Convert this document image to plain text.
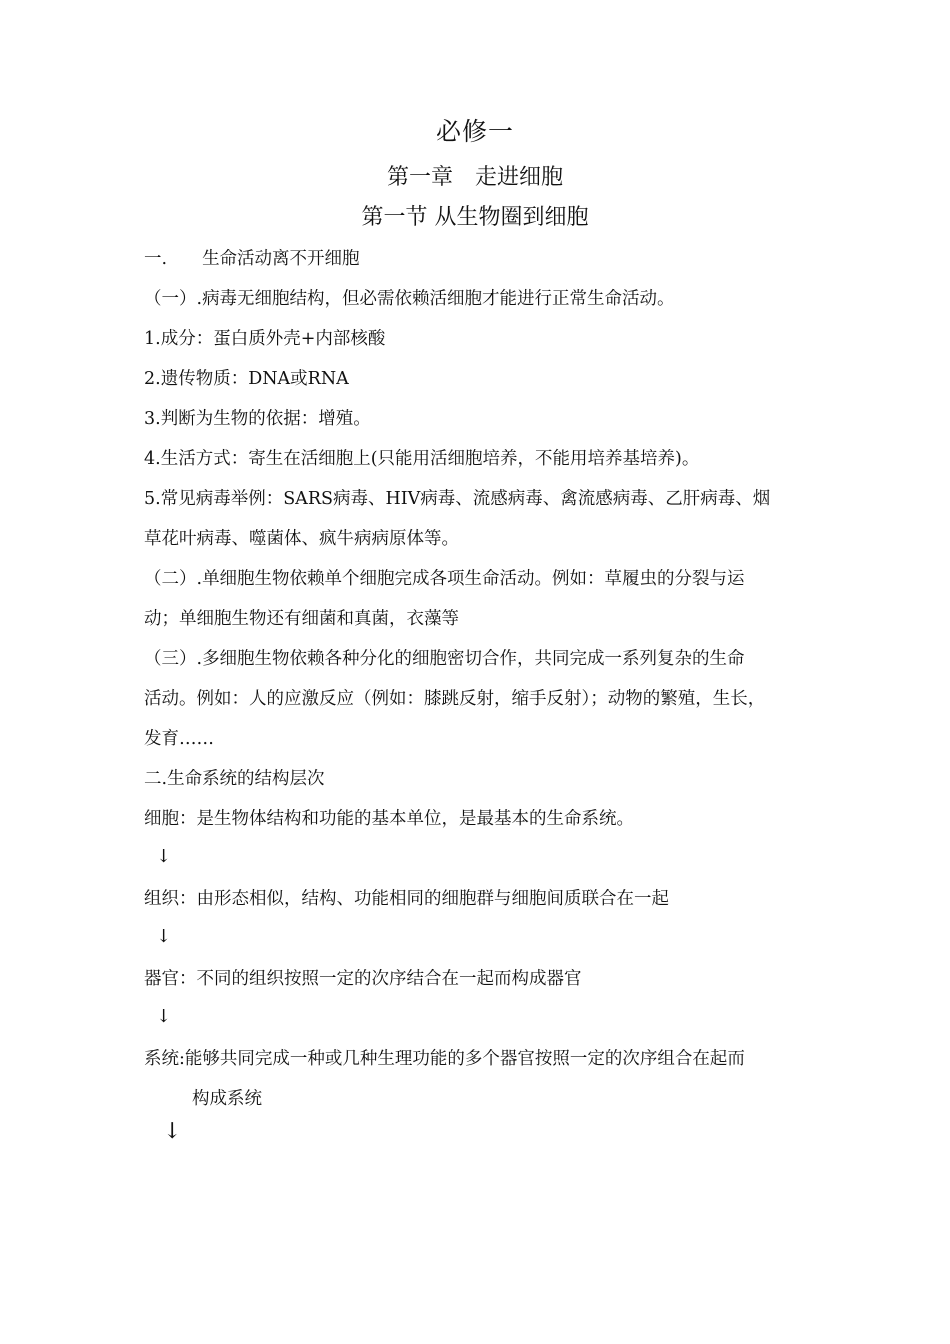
必修一
第一章　走进细胞
第一节 从生物圈到细胞
一.　　生命活动离不开细胞
（一）.病毒无细胞结构，但必需依赖活细胞才能进行正常生命活动。
1.成分：蛋白质外壳+内部核酸
2.遗传物质：DNA或RNA
3.判断为生物的依据：增殖。
4.生活方式：寄生在活细胞上(只能用活细胞培养，不能用培养基培养)。
5.常见病毒举例：SARS病毒、HIV病毒、流感病毒、禽流感病毒、乙肝病毒、烟
草花叶病毒、噬菌体、疯牛病病原体等。
（二）.单细胞生物依赖单个细胞完成各项生命活动。例如：草履虫的分裂与运
动；单细胞生物还有细菌和真菌，衣藻等
（三）.多细胞生物依赖各种分化的细胞密切合作，共同完成一系列复杂的生命
活动。例如：人的应激反应（例如：膝跳反射，缩手反射）；动物的繁殖，生长，
发育……
二.生命系统的结构层次
细胞：是生物体结构和功能的基本单位，是最基本的生命系统。
↓
组织：由形态相似，结构、功能相同的细胞群与细胞间质联合在一起
↓
器官：不同的组织按照一定的次序结合在一起而构成器官
↓
系统:能够共同完成一种或几种生理功能的多个器官按照一定的次序组合在起而
构成系统
↓
